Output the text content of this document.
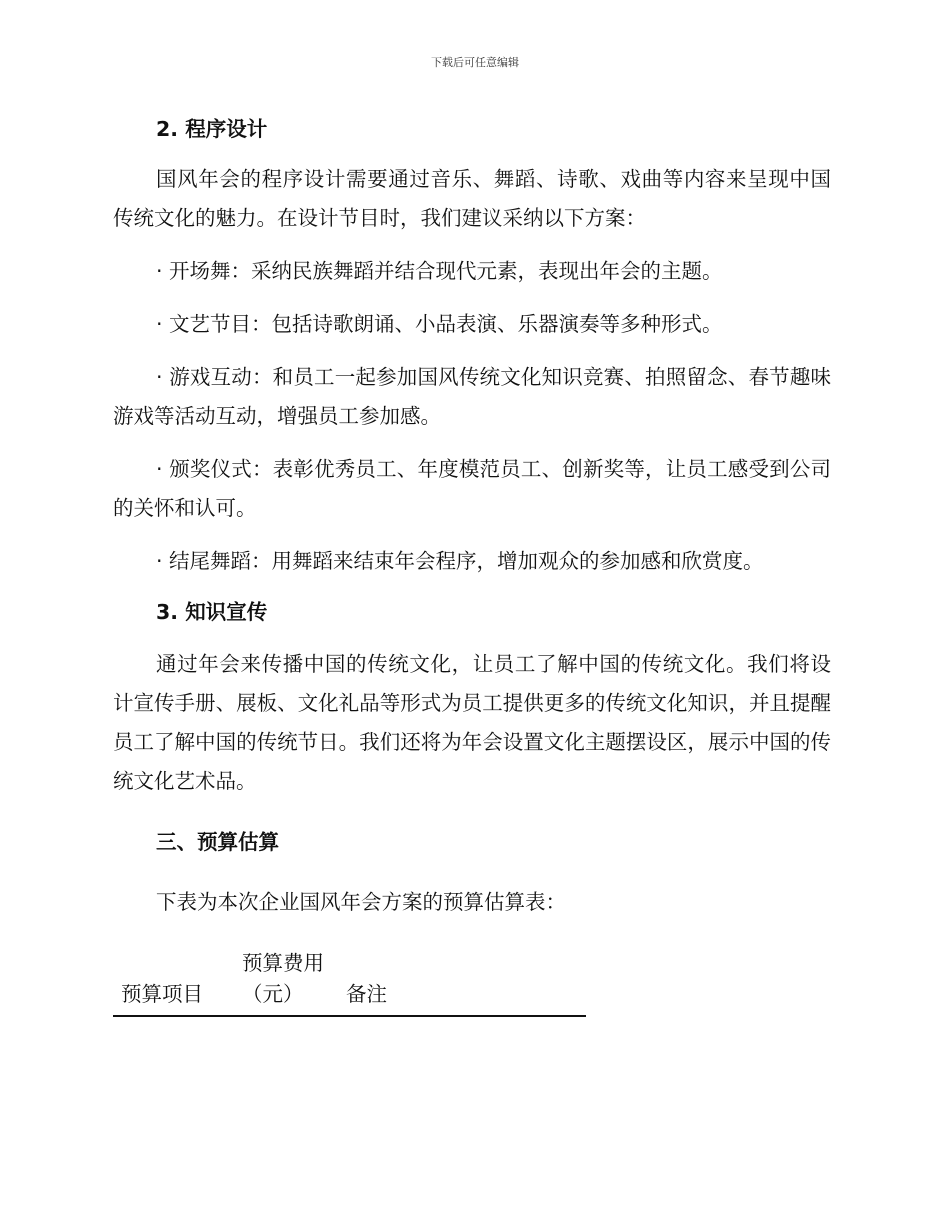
下载后可任意编辑
2. 程序设计

国风年会的程序设计需要通过音乐、舞蹈、诗歌、戏曲等内容来呈现中国传统文化的魅力。在设计节目时，我们建议采纳以下方案：

· 开场舞：采纳民族舞蹈并结合现代元素，表现出年会的主题。

· 文艺节目：包括诗歌朗诵、小品表演、乐器演奏等多种形式。

· 游戏互动：和员工一起参加国风传统文化知识竞赛、拍照留念、春节趣味游戏等活动互动，增强员工参加感。

· 颁奖仪式：表彰优秀员工、年度模范员工、创新奖等，让员工感受到公司的关怀和认可。

· 结尾舞蹈：用舞蹈来结束年会程序，增加观众的参加感和欣赏度。

3. 知识宣传

通过年会来传播中国的传统文化，让员工了解中国的传统文化。我们将设计宣传手册、展板、文化礼品等形式为员工提供更多的传统文化知识，并且提醒员工了解中国的传统节日。我们还将为年会设置文化主题摆设区，展示中国的传统文化艺术品。

三、预算估算

下表为本次企业国风年会方案的预算估算表：

预算项目	预算费用（元）	备注
